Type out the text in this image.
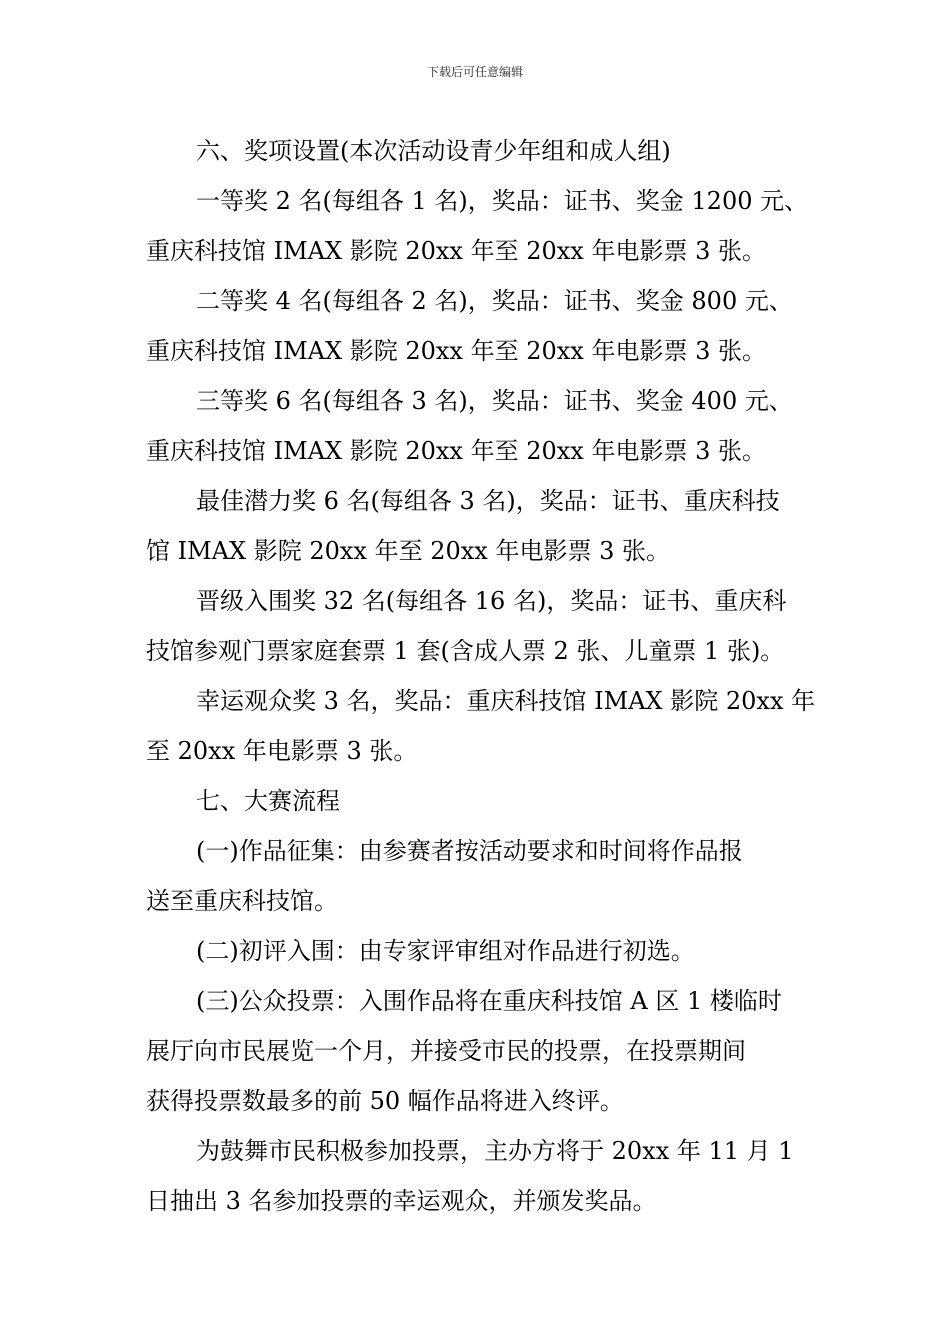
下载后可任意编辑

六、奖项设置(本次活动设青少年组和成人组)

一等奖 2 名(每组各 1 名)，奖品：证书、奖金 1200 元、

重庆科技馆 IMAX 影院 20xx 年至 20xx 年电影票 3 张。

二等奖 4 名(每组各 2 名)，奖品：证书、奖金 800 元、

重庆科技馆 IMAX 影院 20xx 年至 20xx 年电影票 3 张。

三等奖 6 名(每组各 3 名)，奖品：证书、奖金 400 元、

重庆科技馆 IMAX 影院 20xx 年至 20xx 年电影票 3 张。

最佳潜力奖 6 名(每组各 3 名)，奖品：证书、重庆科技

馆 IMAX 影院 20xx 年至 20xx 年电影票 3 张。

晋级入围奖 32 名(每组各 16 名)，奖品：证书、重庆科

技馆参观门票家庭套票 1 套(含成人票 2 张、儿童票 1 张)。

幸运观众奖 3 名，奖品：重庆科技馆 IMAX 影院 20xx 年

至 20xx 年电影票 3 张。

七、大赛流程

(一)作品征集：由参赛者按活动要求和时间将作品报

送至重庆科技馆。

(二)初评入围：由专家评审组对作品进行初选。

(三)公众投票：入围作品将在重庆科技馆 A 区 1 楼临时

展厅向市民展览一个月，并接受市民的投票，在投票期间

获得投票数最多的前 50 幅作品将进入终评。

为鼓舞市民积极参加投票，主办方将于 20xx 年 11 月 1

日抽出 3 名参加投票的幸运观众，并颁发奖品。
